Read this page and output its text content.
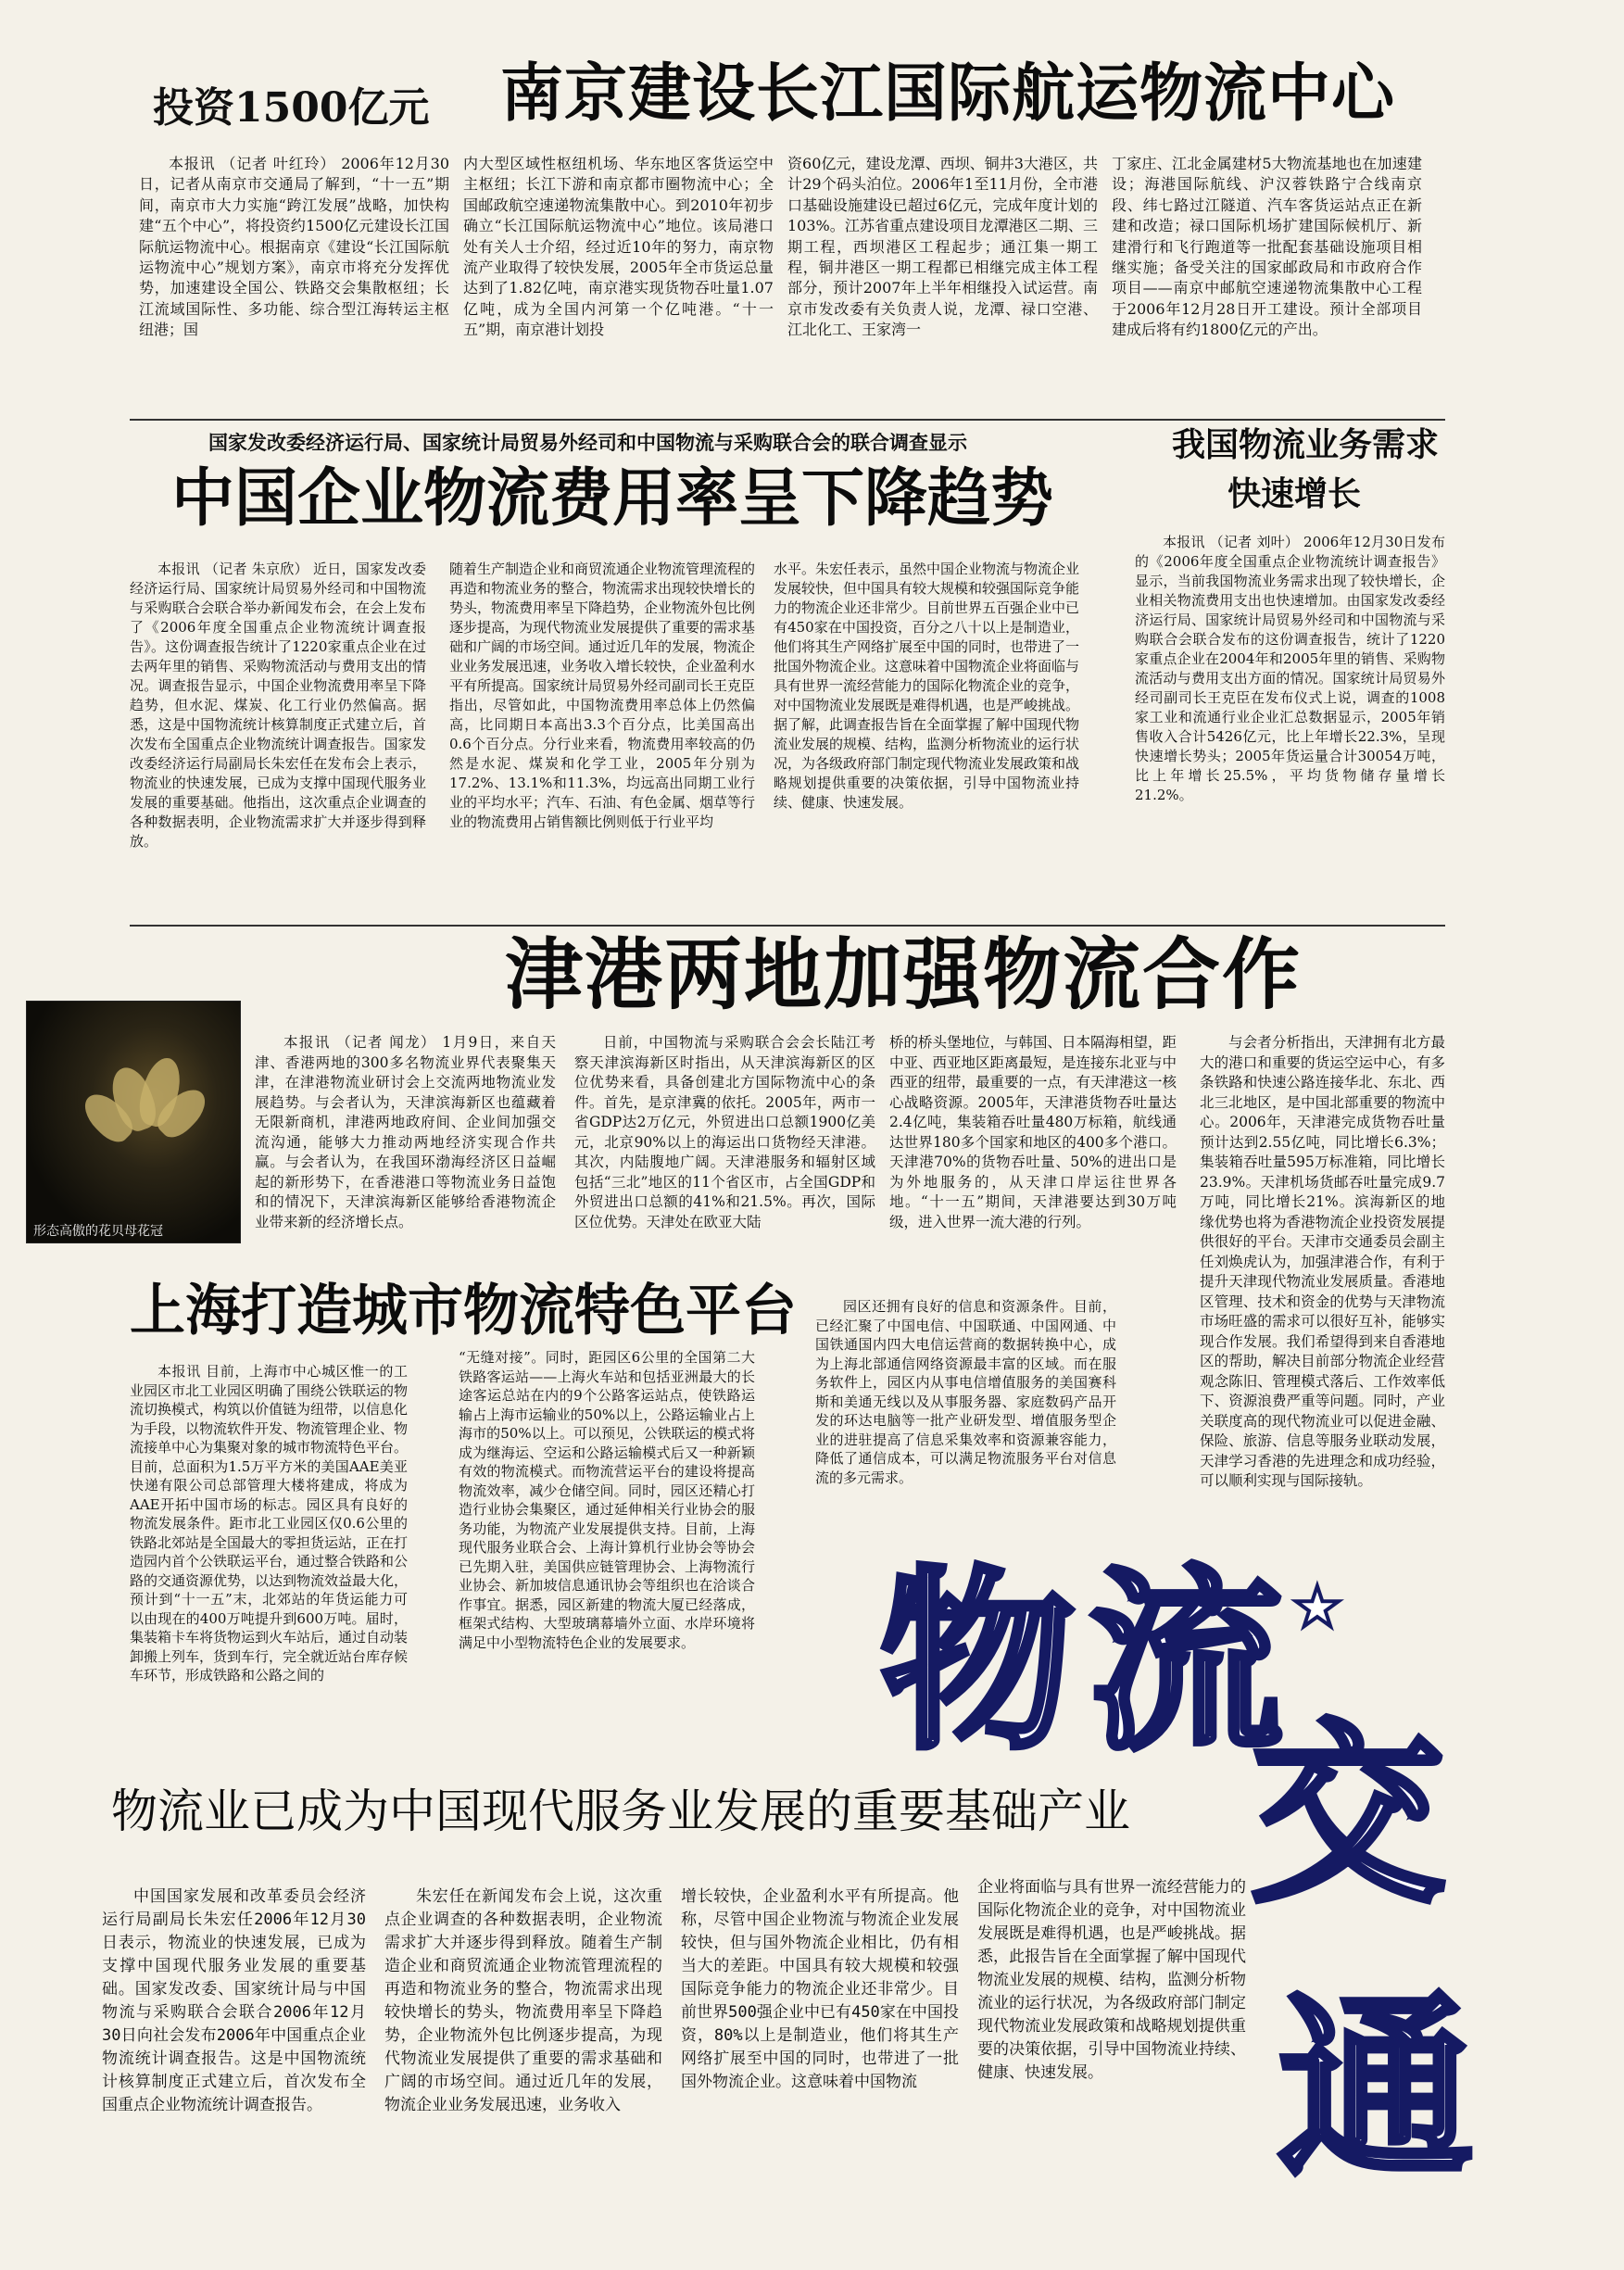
投资1500亿元 南京建设长江国际航运物流中心
本报讯 （记者 叶红玲） 2006年12月30日，记者从南京市交通局了解到，“十一五”期间，南京市大力实施“跨江发展”战略，加快构建“五个中心”，将投资约1500亿元建设长江国际航运物流中心。根据南京《建设“长江国际航运物流中心”规划方案》，南京市将充分发挥优势，加速建设全国公、铁路交会集散枢纽；长江流域国际性、多功能、综合型江海转运主枢纽港；国
内大型区域性枢纽机场、华东地区客货运空中主枢纽；长江下游和南京都市圈物流中心；全国邮政航空速递物流集散中心。到2010年初步确立“长江国际航运物流中心”地位。该局港口处有关人士介绍，经过近10年的努力，南京物流产业取得了较快发展，2005年全市货运总量达到了1.82亿吨，南京港实现货物吞吐量1.07亿吨，成为全国内河第一个亿吨港。“十一五”期，南京港计划投
资60亿元，建设龙潭、西坝、铜井3大港区，共计29个码头泊位。2006年1至11月份，全市港口基础设施建设已超过6亿元，完成年度计划的103%。江苏省重点建设项目龙潭港区二期、三期工程，西坝港区工程起步；通江集一期工程，铜井港区一期工程都已相继完成主体工程部分，预计2007年上半年相继投入试运营。南京市发改委有关负责人说，龙潭、禄口空港、江北化工、王家湾一
丁家庄、江北金属建材5大物流基地也在加速建设；海港国际航线、沪汉蓉铁路宁合线南京段、纬七路过江隧道、汽车客货运站点正在新建和改造；禄口国际机场扩建国际候机厅、新建滑行和飞行跑道等一批配套基础设施项目相继实施；备受关注的国家邮政局和市政府合作项目——南京中邮航空速递物流集散中心工程于2006年12月28日开工建设。预计全部项目建成后将有约1800亿元的产出。
国家发改委经济运行局、国家统计局贸易外经司和中国物流与采购联合会的联合调查显示
中国企业物流费用率呈下降趋势
本报讯 （记者 朱京欣） 近日，国家发改委经济运行局、国家统计局贸易外经司和中国物流与采购联合会联合举办新闻发布会，在会上发布了《2006年度全国重点企业物流统计调查报告》。这份调查报告统计了1220家重点企业在过去两年里的销售、采购物流活动与费用支出的情况。调查报告显示，中国企业物流费用率呈下降趋势，但水泥、煤炭、化工行业仍然偏高。据悉，这是中国物流统计核算制度正式建立后，首次发布全国重点企业物流统计调查报告。国家发改委经济运行局副局长朱宏任在发布会上表示，物流业的快速发展，已成为支撑中国现代服务业发展的重要基础。他指出，这次重点企业调查的各种数据表明，企业物流需求扩大并逐步得到释放。
随着生产制造企业和商贸流通企业物流管理流程的再造和物流业务的整合，物流需求出现较快增长的势头，物流费用率呈下降趋势，企业物流外包比例逐步提高，为现代物流业发展提供了重要的需求基础和广阔的市场空间。通过近几年的发展，物流企业业务发展迅速，业务收入增长较快，企业盈利水平有所提高。国家统计局贸易外经司副司长王克臣指出，尽管如此，中国物流费用率总体上仍然偏高，比同期日本高出3.3个百分点，比美国高出0.6个百分点。分行业来看，物流费用率较高的仍然是水泥、煤炭和化学工业，2005年分别为17.2%、13.1%和11.3%，均远高出同期工业行业的平均水平；汽车、石油、有色金属、烟草等行业的物流费用占销售额比例则低于行业平均
水平。朱宏任表示，虽然中国企业物流与物流企业发展较快，但中国具有较大规模和较强国际竞争能力的物流企业还非常少。目前世界五百强企业中已有450家在中国投资，百分之八十以上是制造业，他们将其生产网络扩展至中国的同时，也带进了一批国外物流企业。这意味着中国物流企业将面临与具有世界一流经营能力的国际化物流企业的竞争，对中国物流业发展既是难得机遇，也是严峻挑战。据了解，此调查报告旨在全面掌握了解中国现代物流业发展的规模、结构，监测分析物流业的运行状况，为各级政府部门制定现代物流业发展政策和战略规划提供重要的决策依据，引导中国物流业持续、健康、快速发展。
我国物流业务需求
快速增长
本报讯 （记者 刘叶） 2006年12月30日发布的《2006年度全国重点企业物流统计调查报告》显示，当前我国物流业务需求出现了较快增长，企业相关物流费用支出也快速增加。由国家发改委经济运行局、国家统计局贸易外经司和中国物流与采购联合会联合发布的这份调查报告，统计了1220家重点企业在2004年和2005年里的销售、采购物流活动与费用支出方面的情况。国家统计局贸易外经司副司长王克臣在发布仪式上说，调查的1008家工业和流通行业企业汇总数据显示，2005年销售收入合计5426亿元，比上年增长22.3%，呈现快速增长势头；2005年货运量合计30054万吨，比上年增长25.5%，平均货物储存量增长21.2%。
津港两地加强物流合作
形态高傲的花贝母花冠
本报讯 （记者 闻龙） 1月9日，来自天津、香港两地的300多名物流业界代表聚集天津，在津港物流业研讨会上交流两地物流业发展趋势。与会者认为，天津滨海新区也蕴藏着无限新商机，津港两地政府间、企业间加强交流沟通，能够大力推动两地经济实现合作共赢。与会者认为，在我国环渤海经济区日益崛起的新形势下，在香港港口等物流业务日益饱和的情况下，天津滨海新区能够给香港物流企业带来新的经济增长点。
日前，中国物流与采购联合会会长陆江考察天津滨海新区时指出，从天津滨海新区的区位优势来看，具备创建北方国际物流中心的条件。首先，是京津冀的依托。2005年，两市一省GDP达2万亿元，外贸进出口总额1900亿美元，北京90%以上的海运出口货物经天津港。其次，内陆腹地广阔。天津港服务和辐射区域包括“三北”地区的11个省区市，占全国GDP和外贸进出口总额的41%和21.5%。再次，国际区位优势。天津处在欧亚大陆
桥的桥头堡地位，与韩国、日本隔海相望，距中亚、西亚地区距离最短，是连接东北亚与中西亚的纽带，最重要的一点，有天津港这一核心战略资源。2005年，天津港货物吞吐量达2.4亿吨，集装箱吞吐量480万标箱，航线通达世界180多个国家和地区的400多个港口。天津港70%的货物吞吐量、50%的进出口是为外地服务的，从天津口岸运往世界各地。“十一五”期间，天津港要达到30万吨级，进入世界一流大港的行列。
与会者分析指出，天津拥有北方最大的港口和重要的货运空运中心，有多条铁路和快速公路连接华北、东北、西北三北地区，是中国北部重要的物流中心。2006年，天津港完成货物吞吐量预计达到2.55亿吨，同比增长6.3%；集装箱吞吐量595万标准箱，同比增长23.9%。天津机场货邮吞吐量完成9.7万吨，同比增长21%。滨海新区的地缘优势也将为香港物流企业投资发展提供很好的平台。天津市交通委员会副主任刘焕虎认为，加强津港合作，有利于提升天津现代物流业发展质量。香港地区管理、技术和资金的优势与天津物流市场旺盛的需求可以很好互补，能够实现合作发展。我们希望得到来自香港地区的帮助，解决目前部分物流企业经营观念陈旧、管理模式落后、工作效率低下、资源浪费严重等问题。同时，产业关联度高的现代物流业可以促进金融、保险、旅游、信息等服务业联动发展，天津学习香港的先进理念和成功经验，可以顺利实现与国际接轨。
上海打造城市物流特色平台
本报讯 目前，上海市中心城区惟一的工业园区市北工业园区明确了围绕公铁联运的物流切换模式，构筑以价值链为纽带，以信息化为手段，以物流软件开发、物流管理企业、物流接单中心为集聚对象的城市物流特色平台。目前，总面积为1.5万平方米的美国AAE美亚快递有限公司总部管理大楼将建成，将成为AAE开拓中国市场的标志。园区具有良好的物流发展条件。距市北工业园区仅0.6公里的铁路北郊站是全国最大的零担货运站，正在打造园内首个公铁联运平台，通过整合铁路和公路的交通资源优势，以达到物流效益最大化，预计到“十一五”末，北郊站的年货运能力可以由现在的400万吨提升到600万吨。届时，集装箱卡车将货物运到火车站后，通过自动装卸搬上列车，货到车行，完全就近站台库存候车环节，形成铁路和公路之间的
“无缝对接”。同时，距园区6公里的全国第二大铁路客运站——上海火车站和包括亚洲最大的长途客运总站在内的9个公路客运站点，使铁路运输占上海市运输业的50%以上，公路运输业占上海市的50%以上。可以预见，公铁联运的模式将成为继海运、空运和公路运输模式后又一种新颖有效的物流模式。而物流营运平台的建设将提高物流效率，减少仓储空间。同时，园区还精心打造行业协会集聚区，通过延伸相关行业协会的服务功能，为物流产业发展提供支持。目前，上海现代服务业联合会、上海计算机行业协会等协会已先期入驻，美国供应链管理协会、上海物流行业协会、新加坡信息通讯协会等组织也在洽谈合作事宜。据悉，园区新建的物流大厦已经落成，框架式结构、大型玻璃幕墙外立面、水岸环境将满足中小型物流特色企业的发展要求。
园区还拥有良好的信息和资源条件。目前，已经汇聚了中国电信、中国联通、中国网通、中国铁通国内四大电信运营商的数据转换中心，成为上海北部通信网络资源最丰富的区域。而在服务软件上，园区内从事电信增值服务的美国赛科斯和美通无线以及从事服务器、家庭数码产品开发的环达电脑等一批产业研发型、增值服务型企业的进驻提高了信息采集效率和资源兼容能力，降低了通信成本，可以满足物流服务平台对信息流的多元需求。
物 流 ★
交
通
物流业已成为中国现代服务业发展的重要基础产业
中国国家发展和改革委员会经济运行局副局长朱宏任2006年12月30日表示，物流业的快速发展，已成为支撑中国现代服务业发展的重要基础。国家发改委、国家统计局与中国物流与采购联合会联合2006年12月30日向社会发布2006年中国重点企业物流统计调查报告。这是中国物流统计核算制度正式建立后，首次发布全国重点企业物流统计调查报告。
朱宏任在新闻发布会上说，这次重点企业调查的各种数据表明，企业物流需求扩大并逐步得到释放。随着生产制造企业和商贸流通企业物流管理流程的再造和物流业务的整合，物流需求出现较快增长的势头，物流费用率呈下降趋势，企业物流外包比例逐步提高，为现代物流业发展提供了重要的需求基础和广阔的市场空间。通过近几年的发展，物流企业业务发展迅速，业务收入
增长较快，企业盈利水平有所提高。他称，尽管中国企业物流与物流企业发展较快，但与国外物流企业相比，仍有相当大的差距。中国具有较大规模和较强国际竞争能力的物流企业还非常少。目前世界500强企业中已有450家在中国投资，80%以上是制造业，他们将其生产网络扩展至中国的同时，也带进了一批国外物流企业。这意味着中国物流
企业将面临与具有世界一流经营能力的国际化物流企业的竞争，对中国物流业发展既是难得机遇，也是严峻挑战。据悉，此报告旨在全面掌握了解中国现代物流业发展的规模、结构，监测分析物流业的运行状况，为各级政府部门制定现代物流业发展政策和战略规划提供重要的决策依据，引导中国物流业持续、健康、快速发展。
